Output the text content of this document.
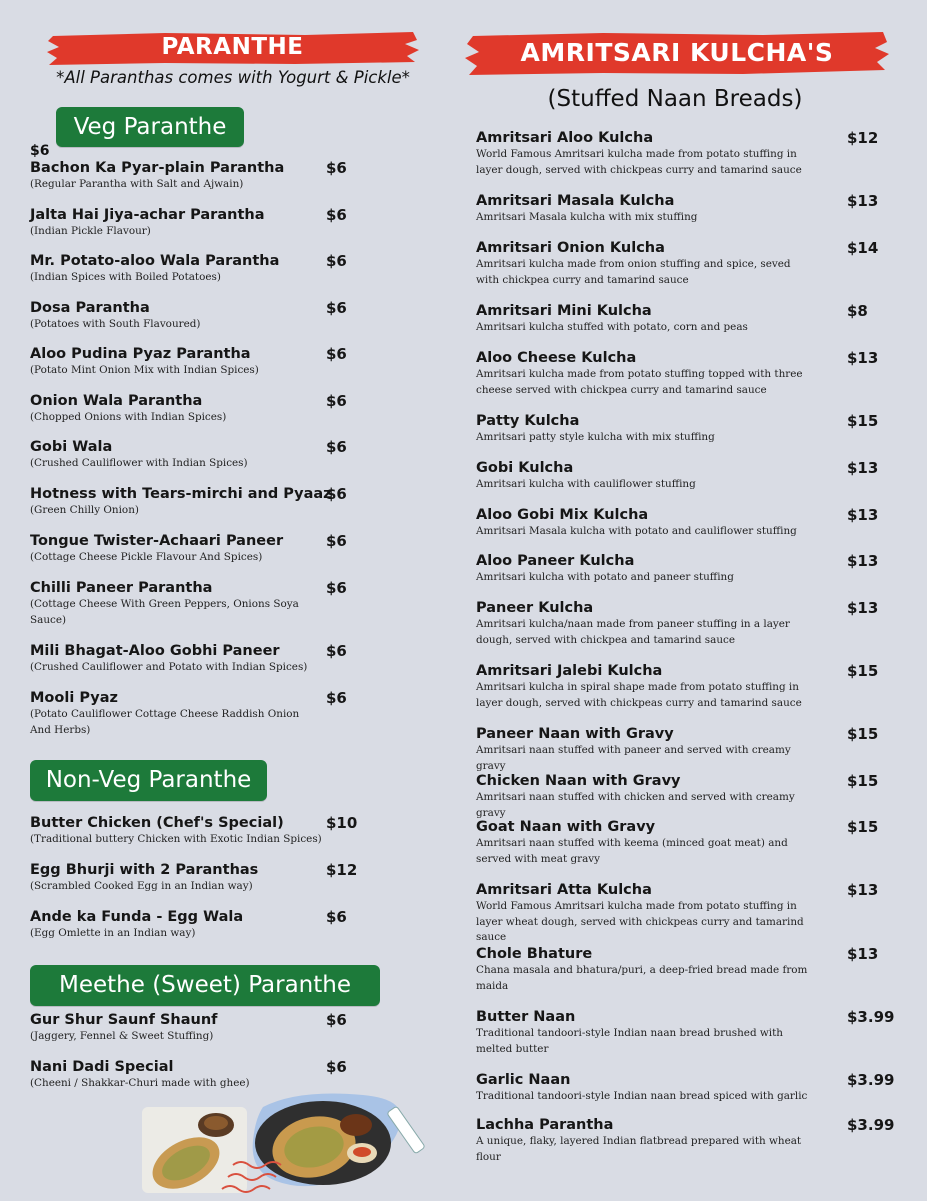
PARANTHE
*All Paranthas comes with Yogurt & Pickle*
Veg Paranthe
$6
Bachon Ka Pyar-plain Parantha
(Regular Parantha with Salt and Ajwain)
$6
Jalta Hai Jiya-achar Parantha
(Indian Pickle Flavour)
$6
Mr. Potato-aloo Wala Parantha
(Indian Spices with Boiled Potatoes)
$6
Dosa Parantha
(Potatoes with South Flavoured)
$6
Aloo Pudina Pyaz Parantha
(Potato Mint Onion Mix with Indian Spices)
$6
Onion Wala Parantha
(Chopped Onions with Indian Spices)
$6
Gobi Wala
(Crushed Cauliflower with Indian Spices)
$6
Hotness with Tears-mirchi and Pyaaz
(Green Chilly Onion)
$6
Tongue Twister-Achaari Paneer
(Cottage Cheese Pickle Flavour And Spices)
$6
Chilli Paneer Parantha
(Cottage Cheese With Green Peppers, Onions Soya Sauce)
$6
Mili Bhagat-Aloo Gobhi Paneer
(Crushed Cauliflower and Potato with Indian Spices)
$6
Mooli Pyaz
(Potato Cauliflower Cottage Cheese Raddish Onion And Herbs)
$6
Non-Veg Paranthe
Butter Chicken (Chef's Special)
(Traditional buttery Chicken with Exotic Indian Spices)
$10
Egg Bhurji with 2 Paranthas
(Scrambled Cooked Egg in an Indian way)
$12
Ande ka Funda - Egg Wala
(Egg Omlette in an Indian way)
$6
Meethe (Sweet) Paranthe
Gur Shur Saunf Shaunf
(Jaggery, Fennel & Sweet Stuffing)
$6
Nani Dadi Special
(Cheeni / Shakkar-Churi made with ghee)
$6
AMRITSARI KULCHA'S
(Stuffed Naan Breads)
Amritsari Aloo Kulcha
World Famous Amritsari kulcha made from potato stuffing in layer dough, served with chickpeas curry and tamarind sauce
$12
Amritsari Masala Kulcha
Amritsari Masala kulcha with mix stuffing
$13
Amritsari Onion Kulcha
Amritsari kulcha made from onion stuffing and spice, seved with chickpea curry and tamarind sauce
$14
Amritsari Mini Kulcha
Amritsari kulcha stuffed with potato, corn and peas
$8
Aloo Cheese Kulcha
Amritsari kulcha made from potato stuffing topped with three cheese served with chickpea curry and tamarind sauce
$13
Patty Kulcha
Amritsari patty style kulcha with mix stuffing
$15
Gobi Kulcha
Amritsari kulcha with cauliflower stuffing
$13
Aloo Gobi Mix Kulcha
Amritsari Masala kulcha with potato and cauliflower stuffing
$13
Aloo Paneer Kulcha
Amritsari kulcha with potato and paneer stuffing
$13
Paneer Kulcha
Amritsari kulcha/naan made from paneer stuffing in a layer dough, served with chickpea and tamarind sauce
$13
Amritsari Jalebi Kulcha
Amritsari kulcha in spiral shape made from potato stuffing in layer dough, served with chickpeas curry and tamarind sauce
$15
Paneer Naan with Gravy
Amritsari naan stuffed with paneer and served with creamy gravy
$15
Chicken Naan with Gravy
Amritsari naan stuffed with chicken and served with creamy gravy
$15
Goat Naan with Gravy
Amritsari naan stuffed with keema (minced goat meat) and served with meat gravy
$15
Amritsari Atta Kulcha
World Famous Amritsari kulcha made from potato stuffing in layer wheat dough, served with chickpeas curry and tamarind sauce
$13
Chole Bhature
Chana masala and bhatura/puri, a deep-fried bread made from maida
$13
Butter Naan
Traditional tandoori-style Indian naan bread brushed with melted butter
$3.99
Garlic Naan
Traditional tandoori-style Indian naan bread spiced with garlic
$3.99
Lachha Parantha
A unique, flaky, layered Indian flatbread prepared with wheat flour
$3.99
